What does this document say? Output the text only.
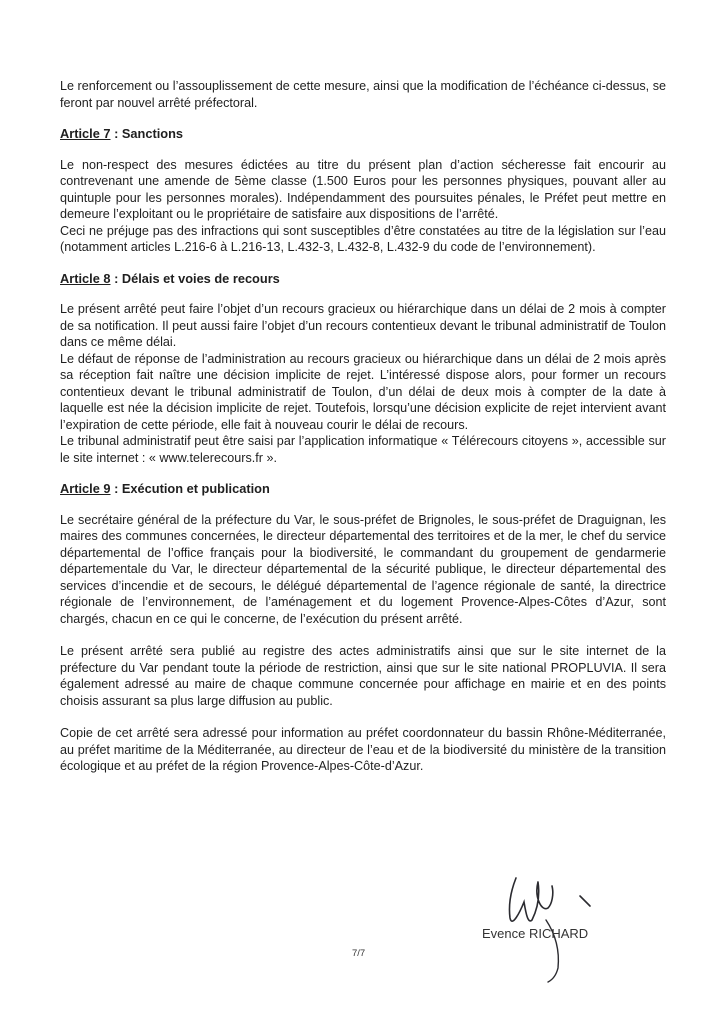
Le renforcement ou l’assouplissement de cette mesure, ainsi que la modification de l’échéance ci-dessus, se feront par nouvel arrêté préfectoral.

Article 7 : Sanctions

Le non-respect des mesures édictées au titre du présent plan d’action sécheresse fait encourir au contrevenant une amende de 5ème classe (1.500 Euros pour les personnes physiques, pouvant aller au quintuple pour les personnes morales). Indépendamment des poursuites pénales, le Préfet peut mettre en demeure l’exploitant ou le propriétaire de satisfaire aux dispositions de l’arrêté.

Ceci ne préjuge pas des infractions qui sont susceptibles d’être constatées au titre de la législation sur l’eau (notamment articles L.216-6 à L.216-13, L.432-3, L.432-8, L.432-9 du code de l’environnement).

Article 8 : Délais et voies de recours

Le présent arrêté peut faire l’objet d’un recours gracieux ou hiérarchique dans un délai de 2 mois à compter de sa notification. Il peut aussi faire l’objet d’un recours contentieux devant le tribunal administratif de Toulon dans ce même délai.

Le défaut de réponse de l’administration au recours gracieux ou hiérarchique dans un délai de 2 mois après sa réception fait naître une décision implicite de rejet. L’intéressé dispose alors, pour former un recours contentieux devant le tribunal administratif de Toulon, d’un délai de deux mois à compter de la date à laquelle est née la décision implicite de rejet. Toutefois, lorsqu’une décision explicite de rejet intervient avant l’expiration de cette période, elle fait à nouveau courir le délai de recours.

Le tribunal administratif peut être saisi par l’application informatique « Télérecours citoyens », accessible sur le site internet : « www.telerecours.fr ».

Article 9 : Exécution et publication

Le secrétaire général de la préfecture du Var, le sous-préfet de Brignoles, le sous-préfet de Draguignan, les maires des communes concernées, le directeur départemental des territoires et de la mer, le chef du service départemental de l’office français pour la biodiversité, le commandant du groupement de gendarmerie départementale du Var, le directeur départemental de la sécurité publique, le directeur départemental des services d’incendie et de secours, le délégué départemental de l’agence régionale de santé, la directrice régionale de l’environnement, de l’aménagement et du logement Provence-Alpes-Côtes d’Azur, sont chargés, chacun en ce qui le concerne, de l’exécution du présent arrêté.

Le présent arrêté sera publié au registre des actes administratifs ainsi que sur le site internet de la préfecture du Var pendant toute la période de restriction, ainsi que sur le site national PROPLUVIA. Il sera également adressé au maire de chaque commune concernée pour affichage en mairie et en des points choisis assurant sa plus large diffusion au public.

Copie de cet arrêté sera adressé pour information au préfet coordonnateur du bassin Rhône-Méditerranée, au préfet maritime de la Méditerranée, au directeur de l’eau et de la biodiversité du ministère de la transition écologique et au préfet de la région Provence-Alpes-Côte-d’Azur.

Evence RICHARD
7/7
